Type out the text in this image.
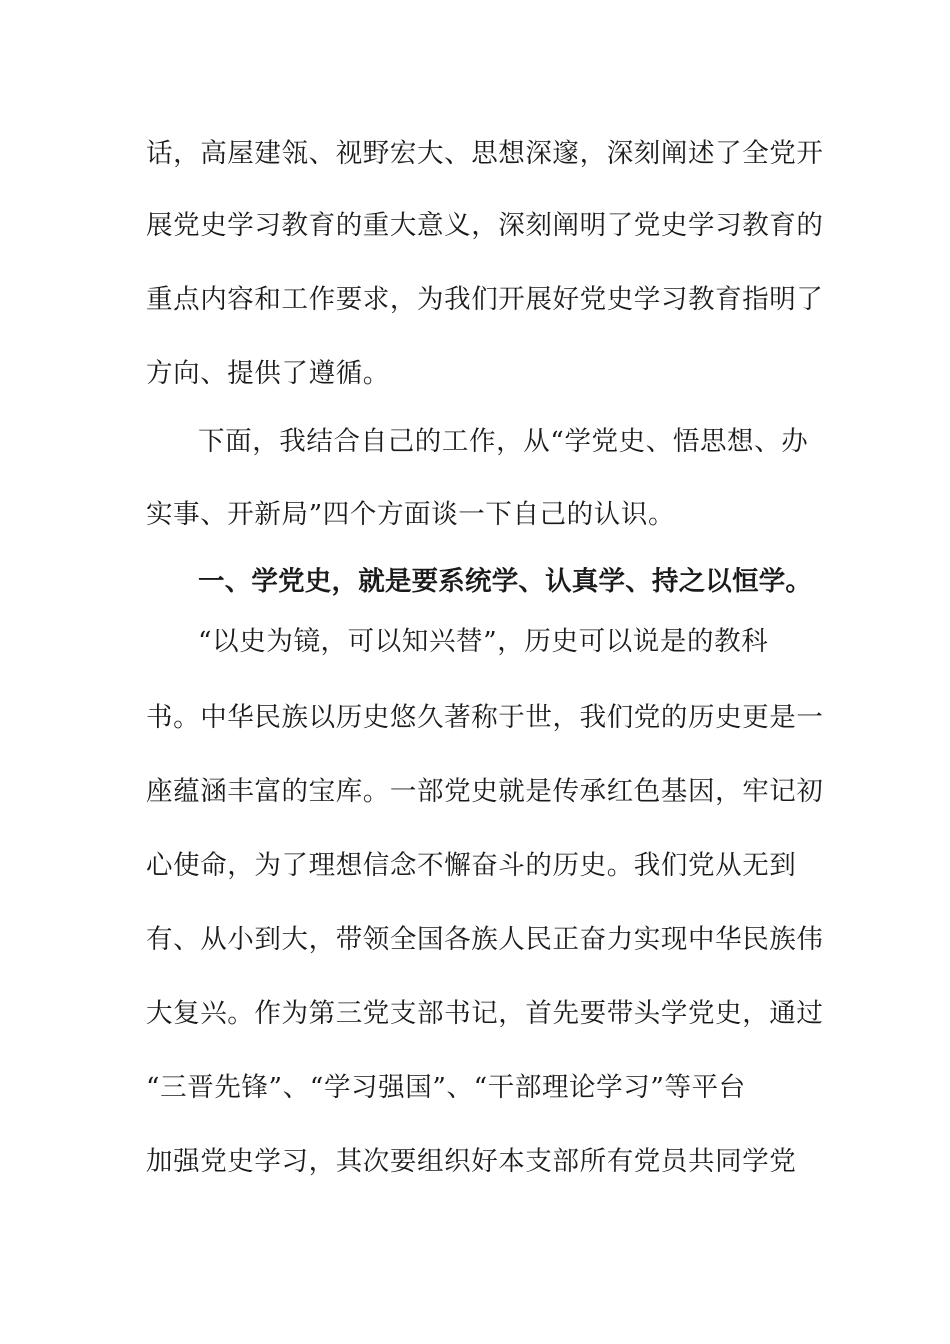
话，高屋建瓴、视野宏大、思想深邃，深刻阐述了全党开
展党史学习教育的重大意义，深刻阐明了党史学习教育的
重点内容和工作要求，为我们开展好党史学习教育指明了
方向、提供了遵循。
下面，我结合自己的工作，从“学党史、悟思想、办
实事、开新局”四个方面谈一下自己的认识。
一、学党史，就是要系统学、认真学、持之以恒学。
“以史为镜，可以知兴替”，历史可以说是的教科
书。中华民族以历史悠久著称于世，我们党的历史更是一
座蕴涵丰富的宝库。一部党史就是传承红色基因，牢记初
心使命，为了理想信念不懈奋斗的历史。我们党从无到
有、从小到大，带领全国各族人民正奋力实现中华民族伟
大复兴。作为第三党支部书记，首先要带头学党史，通过
“三晋先锋”、“学习强国”、“干部理论学习”等平台
加强党史学习，其次要组织好本支部所有党员共同学党
